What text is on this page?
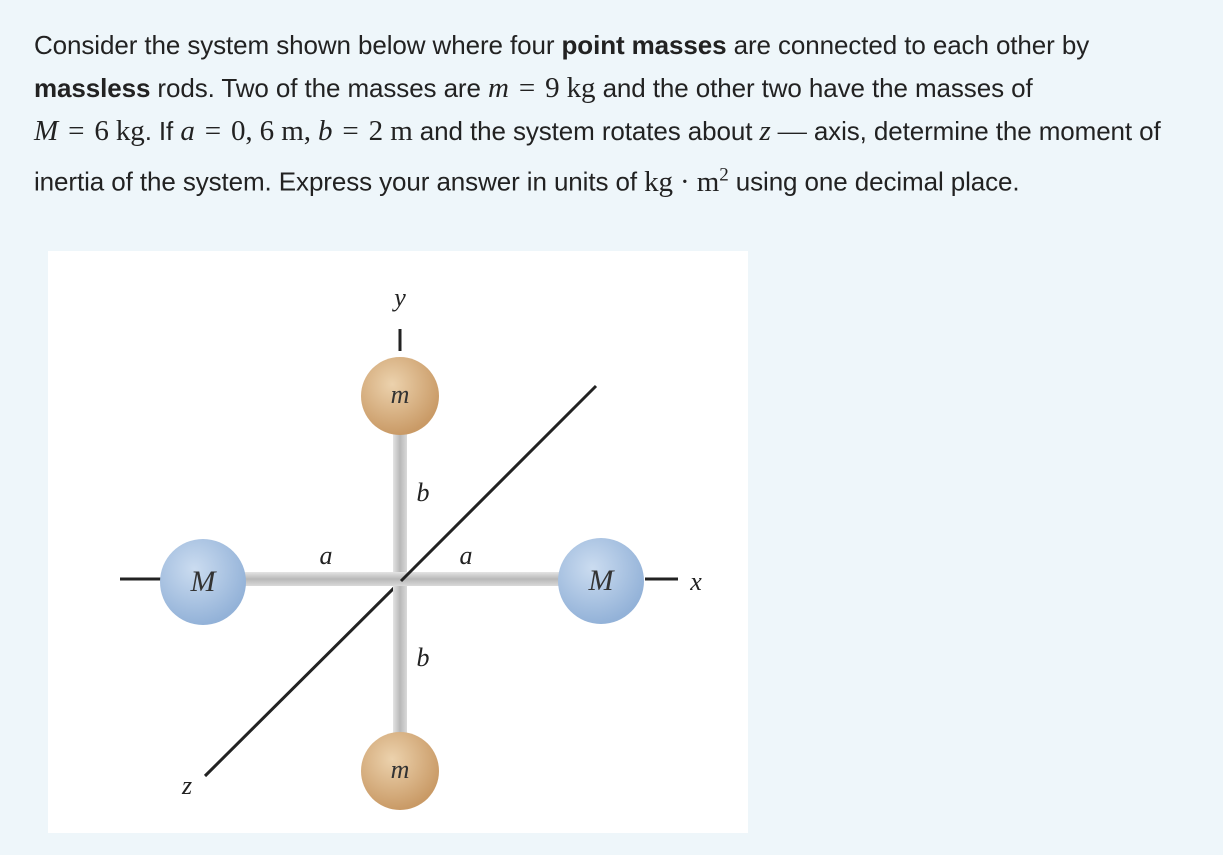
Consider the system shown below where four point masses are connected to each other by massless rods. Two of the masses are m = 9 kg and the other two have the masses of
M = 6 kg. If a = 0, 6 m, b = 2 m and the system rotates about z — axis, determine the moment of inertia of the system. Express your answer in units of kg · $m^2$ using one decimal place.
m
m
M	M
b
b
a	a
y
x
z
